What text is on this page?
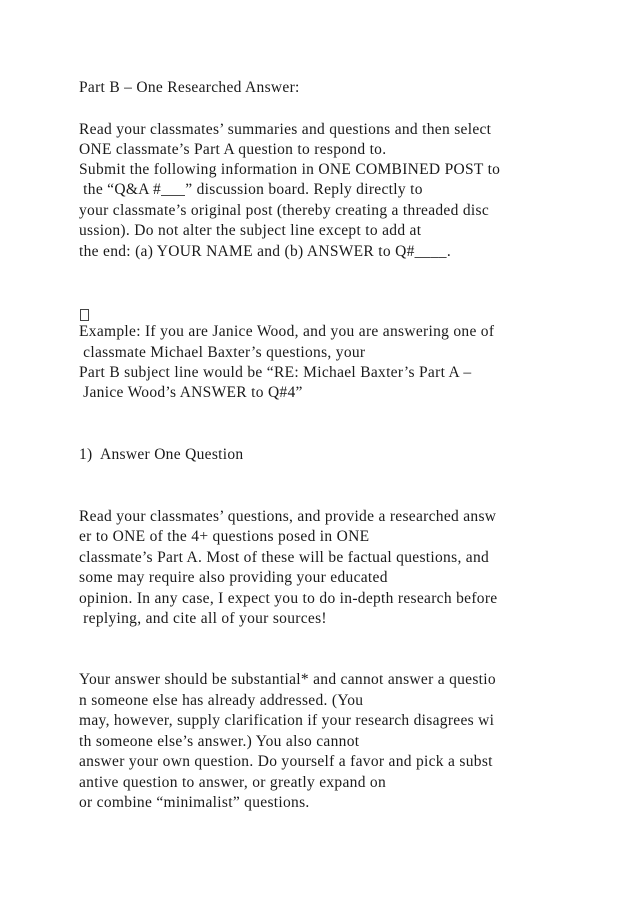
Part B – One Researched Answer:

Read your classmates’ summaries and questions and then select

ONE classmate’s Part A question to respond to.

Submit the following information in ONE COMBINED POST to

the “Q&A #___” discussion board. Reply directly to

your classmate’s original post (thereby creating a threaded disc

ussion). Do not alter the subject line except to add at

the end: (a) YOUR NAME and (b) ANSWER to Q#____.

Example: If you are Janice Wood, and you are answering one of

classmate Michael Baxter’s questions, your

Part B subject line would be “RE: Michael Baxter’s Part A –

Janice Wood’s ANSWER to Q#4”

1)  Answer One Question

Read your classmates’ questions, and provide a researched answ

er to ONE of the 4+ questions posed in ONE

classmate’s Part A. Most of these will be factual questions, and

some may require also providing your educated

opinion. In any case, I expect you to do in-depth research before

replying, and cite all of your sources!

Your answer should be substantial* and cannot answer a questio

n someone else has already addressed. (You

may, however, supply clarification if your research disagrees wi

th someone else’s answer.) You also cannot

answer your own question. Do yourself a favor and pick a subst

antive question to answer, or greatly expand on

or combine “minimalist” questions.
